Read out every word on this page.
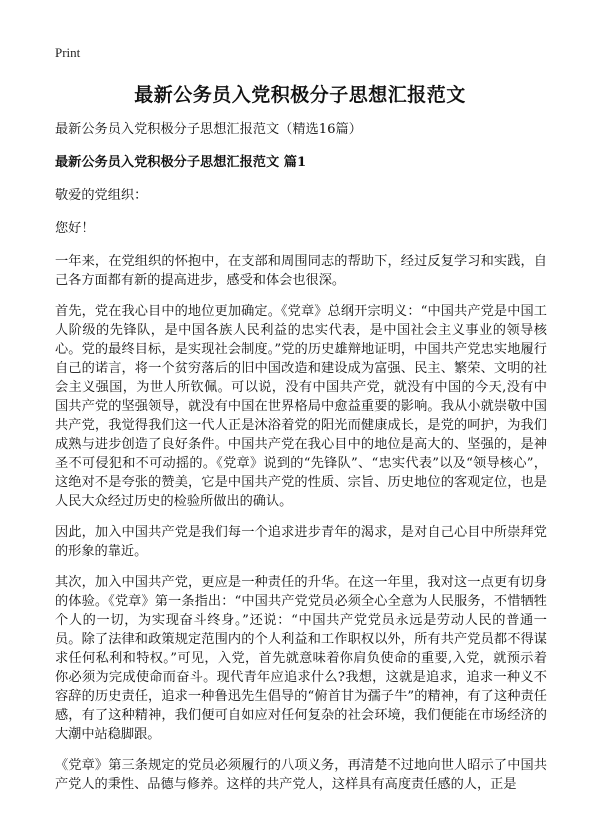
Print
最新公务员入党积极分子思想汇报范文

最新公务员入党积极分子思想汇报范文（精选16篇）

最新公务员入党积极分子思想汇报范文 篇1

敬爱的党组织：

您好！

一年来，在党组织的怀抱中，在支部和周围同志的帮助下，经过反复学习和实践，自己各方面都有新的提高进步，感受和体会也很深。

首先，党在我心目中的地位更加确定。《党章》总纲开宗明义：“中国共产党是中国工人阶级的先锋队，是中国各族人民利益的忠实代表，是中国社会主义事业的领导核心。党的最终目标，是实现社会制度。”党的历史雄辩地证明，中国共产党忠实地履行自己的诺言，将一个贫穷落后的旧中国改造和建设成为富强、民主、繁荣、文明的社会主义强国，为世人所钦佩。可以说，没有中国共产党，就没有中国的今天,没有中国共产党的坚强领导，就没有中国在世界格局中愈益重要的影响。我从小就崇敬中国共产党，我觉得我们这一代人正是沐浴着党的阳光而健康成长，是党的呵护，为我们成熟与进步创造了良好条件。中国共产党在我心目中的地位是高大的、坚强的，是神圣不可侵犯和不可动摇的。《党章》说到的“先锋队”、“忠实代表”以及“领导核心”，这绝对不是夸张的赞美，它是中国共产党的性质、宗旨、历史地位的客观定位，也是人民大众经过历史的检验所做出的确认。

因此，加入中国共产党是我们每一个追求进步青年的渴求，是对自己心目中所崇拜党的形象的靠近。

其次，加入中国共产党，更应是一种责任的升华。在这一年里，我对这一点更有切身的体验。《党章》第一条指出：“中国共产党党员必须全心全意为人民服务，不惜牺牲个人的一切，为实现奋斗终身。”还说：“中国共产党党员永远是劳动人民的普通一员。除了法律和政策规定范围内的个人利益和工作职权以外，所有共产党员都不得谋求任何私利和特权。”可见，入党，首先就意味着你肩负使命的重要,入党，就预示着你必须为完成使命而奋斗。现代青年应追求什么?我想，这就是追求，追求一种义不容辞的历史责任，追求一种鲁迅先生倡导的“俯首甘为孺子牛”的精神，有了这种责任感，有了这种精神，我们便可自如应对任何复杂的社会环境，我们便能在市场经济的大潮中站稳脚跟。

《党章》第三条规定的党员必须履行的八项义务，再清楚不过地向世人昭示了中国共产党人的秉性、品德与修养。这样的共产党人，这样具有高度责任感的人，正是
